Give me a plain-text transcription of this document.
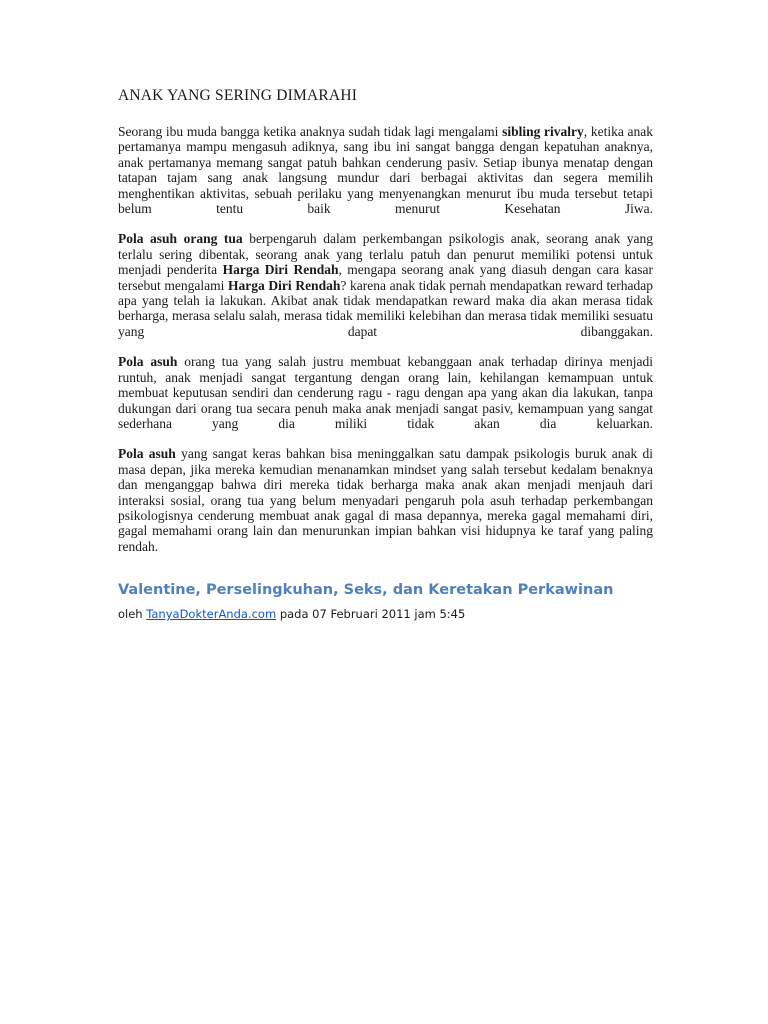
ANAK YANG SERING DIMARAHI

Seorang ibu muda bangga ketika anaknya sudah tidak lagi mengalami sibling rivalry, ketika anak pertamanya mampu mengasuh adiknya, sang ibu ini sangat bangga dengan kepatuhan anaknya, anak pertamanya memang sangat patuh bahkan cenderung pasiv. Setiap ibunya menatap dengan tatapan tajam sang anak langsung mundur dari berbagai aktivitas dan segera memilih menghentikan aktivitas, sebuah perilaku yang menyenangkan menurut ibu muda tersebut tetapi belum tentu baik menurut Kesehatan Jiwa.

Pola asuh orang tua berpengaruh dalam perkembangan psikologis anak, seorang anak yang terlalu sering dibentak, seorang anak yang terlalu patuh dan penurut memiliki potensi untuk menjadi penderita Harga Diri Rendah, mengapa seorang anak yang diasuh dengan cara kasar tersebut mengalami Harga Diri Rendah? karena anak tidak pernah mendapatkan reward terhadap apa yang telah ia lakukan. Akibat anak tidak mendapatkan reward maka dia akan merasa tidak berharga, merasa selalu salah, merasa tidak memiliki kelebihan dan merasa tidak memiliki sesuatu yang dapat dibanggakan.

Pola asuh orang tua yang salah justru membuat kebanggaan anak terhadap dirinya menjadi runtuh, anak menjadi sangat tergantung dengan orang lain, kehilangan kemampuan untuk membuat keputusan sendiri dan cenderung ragu - ragu dengan apa yang akan dia lakukan, tanpa dukungan dari orang tua secara penuh maka anak menjadi sangat pasiv, kemampuan yang sangat sederhana yang dia miliki tidak akan dia keluarkan.

Pola asuh yang sangat keras bahkan bisa meninggalkan satu dampak psikologis buruk anak di masa depan, jika mereka kemudian menanamkan mindset yang salah tersebut kedalam benaknya dan menganggap bahwa diri mereka tidak berharga maka anak akan menjadi menjauh dari interaksi sosial, orang tua yang belum menyadari pengaruh pola asuh terhadap perkembangan psikologisnya cenderung membuat anak gagal di masa depannya, mereka gagal memahami diri, gagal memahami orang lain dan menurunkan impian bahkan visi hidupnya ke taraf yang paling rendah.

Valentine, Perselingkuhan, Seks, dan Keretakan Perkawinan
oleh TanyaDokterAnda.com pada 07 Februari 2011 jam 5:45
